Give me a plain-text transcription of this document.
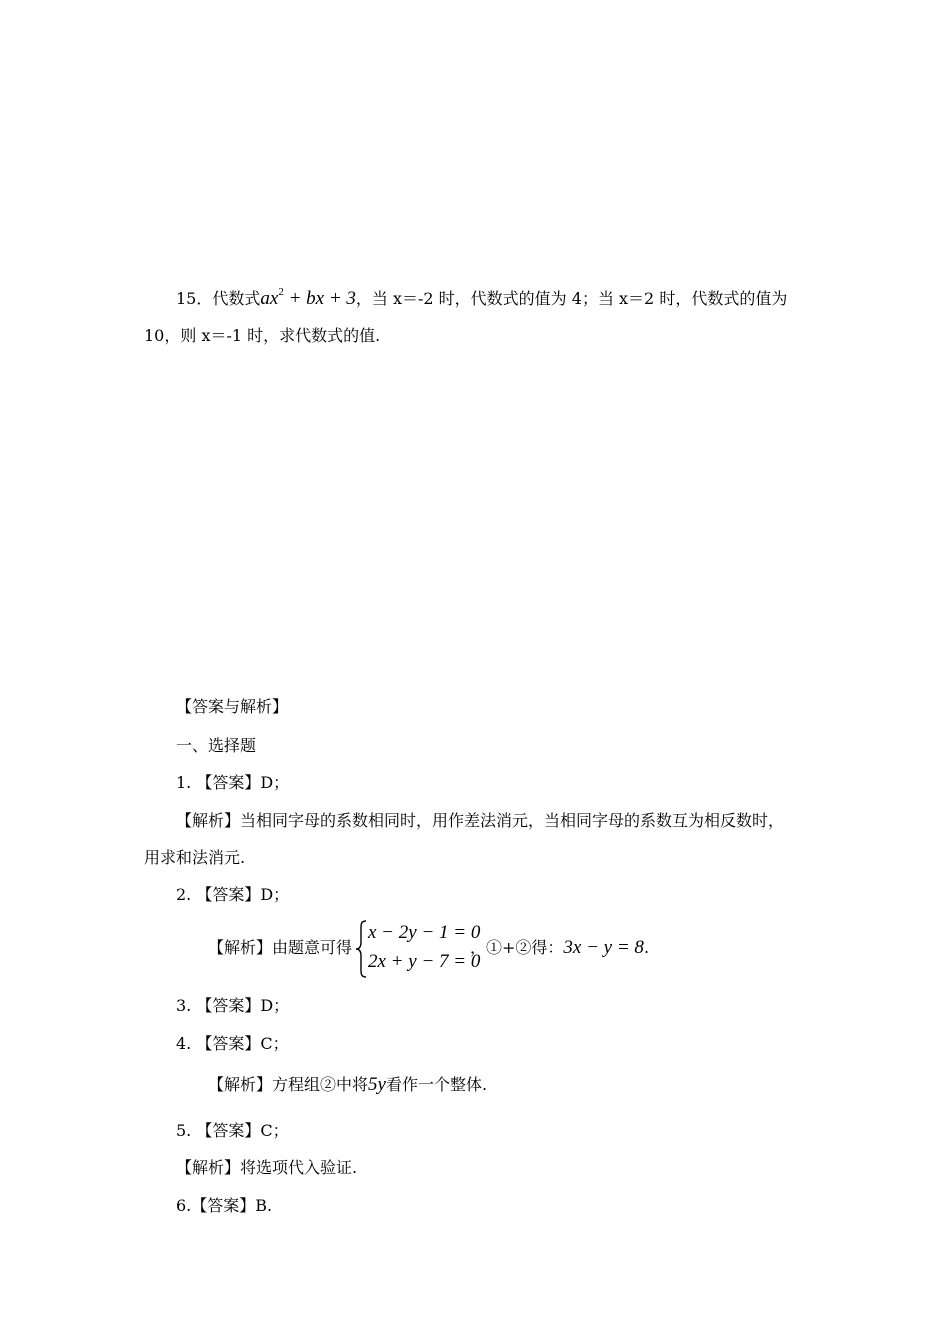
15．代数式$ax^2$ + bx + 3，当 x＝-2 时，代数式的值为 4；当 x＝2 时，代数式的值为
10，则 x＝-1 时，求代数式的值.
【答案与解析】
一、选择题
1. 【答案】D；
【解析】当相同字母的系数相同时，用作差法消元，当相同字母的系数互为相反数时，
用求和法消元.
2. 【答案】D；
【解析】由题意可得
x − 2y − 1 = 0
2x + y − 7 = 0
，①+②得：3x − y = 8.
3. 【答案】D；
4. 【答案】C；
【解析】方程组②中将5y看作一个整体.
5. 【答案】C；
【解析】将选项代入验证.
6.【答案】B.
